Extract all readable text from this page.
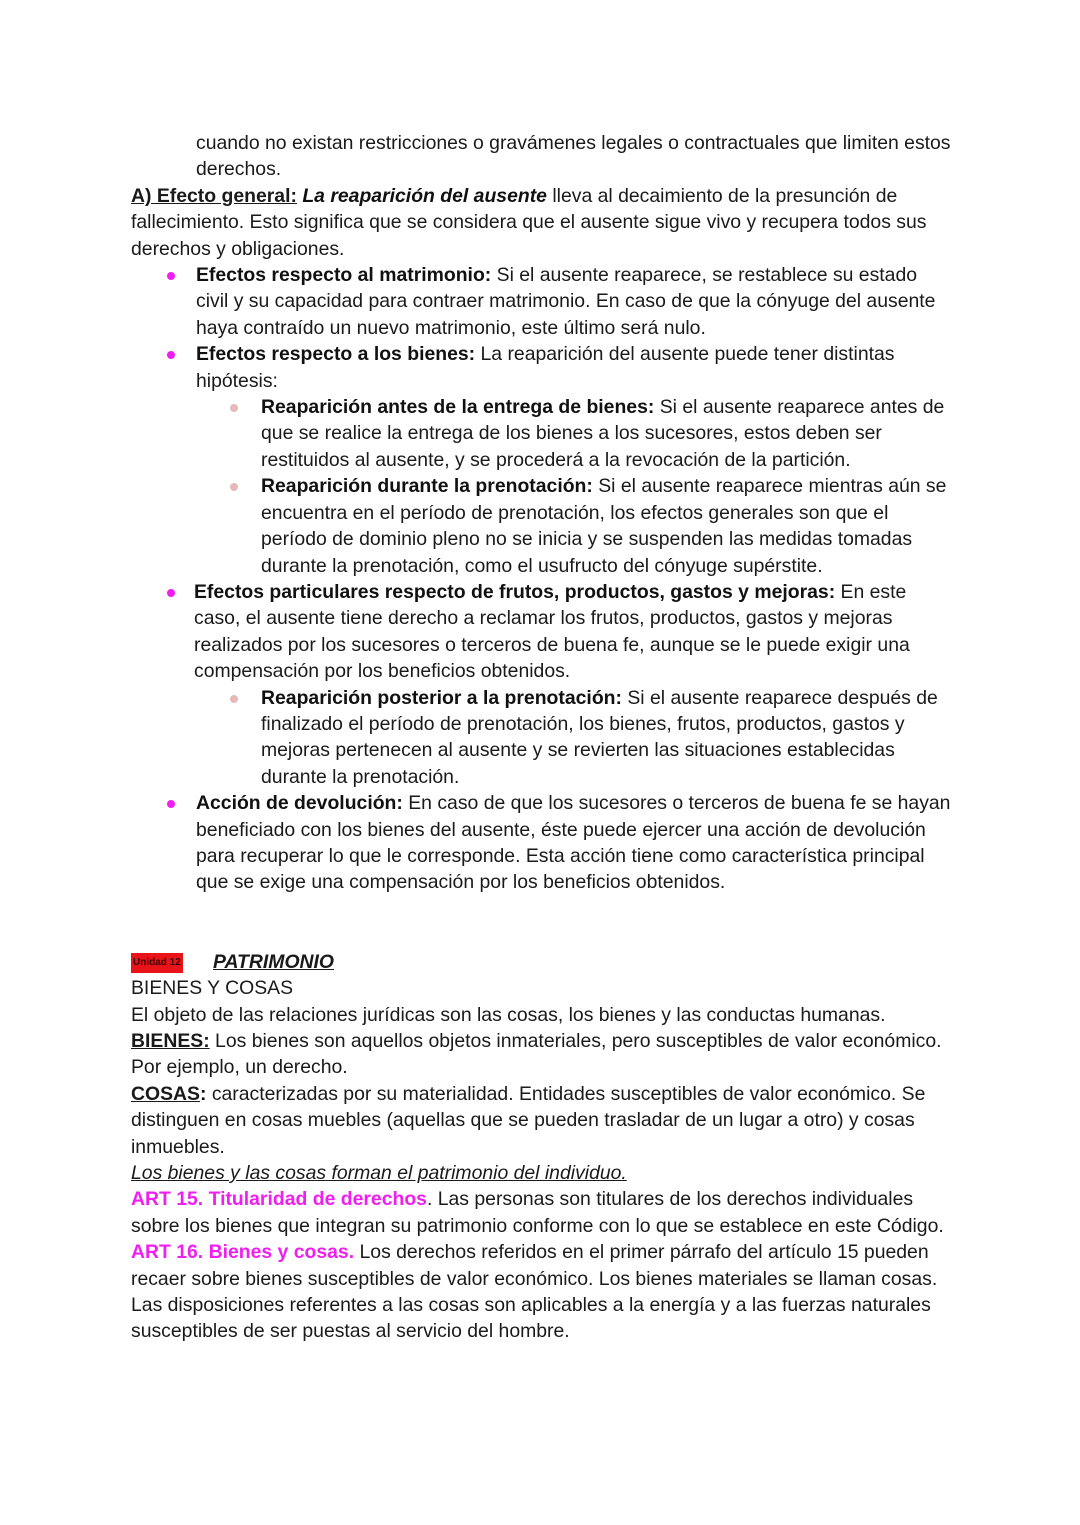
cuando no existan restricciones o gravámenes legales o contractuales que limiten estos derechos.

A) Efecto general: La reaparición del ausente lleva al decaimiento de la presunción de fallecimiento. Esto significa que se considera que el ausente sigue vivo y recupera todos sus derechos y obligaciones.

Efectos respecto al matrimonio: Si el ausente reaparece, se restablece su estado civil y su capacidad para contraer matrimonio. En caso de que la cónyuge del ausente haya contraído un nuevo matrimonio, este último será nulo.
Efectos respecto a los bienes: La reaparición del ausente puede tener distintas hipótesis:
Reaparición antes de la entrega de bienes: Si el ausente reaparece antes de que se realice la entrega de los bienes a los sucesores, estos deben ser restituidos al ausente, y se procederá a la revocación de la partición.
Reaparición durante la prenotación: Si el ausente reaparece mientras aún se encuentra en el período de prenotación, los efectos generales son que el período de dominio pleno no se inicia y se suspenden las medidas tomadas durante la prenotación, como el usufructo del cónyuge supérstite.
Efectos particulares respecto de frutos, productos, gastos y mejoras: En este caso, el ausente tiene derecho a reclamar los frutos, productos, gastos y mejoras realizados por los sucesores o terceros de buena fe, aunque se le puede exigir una compensación por los beneficios obtenidos.
Reaparición posterior a la prenotación: Si el ausente reaparece después de finalizado el período de prenotación, los bienes, frutos, productos, gastos y mejoras pertenecen al ausente y se revierten las situaciones establecidas durante la prenotación.
Acción de devolución: En caso de que los sucesores o terceros de buena fe se hayan beneficiado con los bienes del ausente, éste puede ejercer una acción de devolución para recuperar lo que le corresponde. Esta acción tiene como característica principal que se exige una compensación por los beneficios obtenidos.

Unidad 12 PATRIMONIO

BIENES Y COSAS

El objeto de las relaciones jurídicas son las cosas, los bienes y las conductas humanas.

BIENES: Los bienes son aquellos objetos inmateriales, pero susceptibles de valor económico. Por ejemplo, un derecho.

COSAS: caracterizadas por su materialidad. Entidades susceptibles de valor económico. Se distinguen en cosas muebles (aquellas que se pueden trasladar de un lugar a otro) y cosas inmuebles.

Los bienes y las cosas forman el patrimonio del individuo.

ART 15. Titularidad de derechos. Las personas son titulares de los derechos individuales sobre los bienes que integran su patrimonio conforme con lo que se establece en este Código.

ART 16. Bienes y cosas. Los derechos referidos en el primer párrafo del artículo 15 pueden recaer sobre bienes susceptibles de valor económico. Los bienes materiales se llaman cosas. Las disposiciones referentes a las cosas son aplicables a la energía y a las fuerzas naturales susceptibles de ser puestas al servicio del hombre.
